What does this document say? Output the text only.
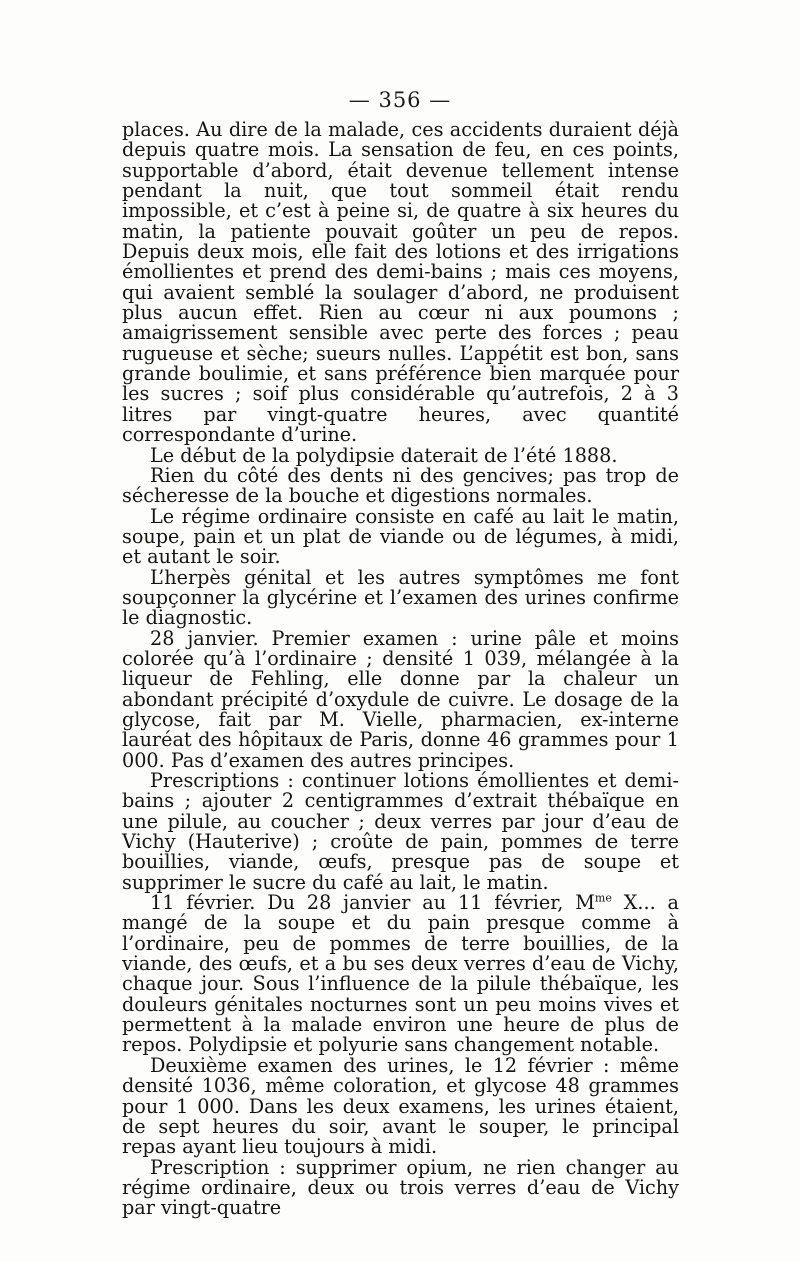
— 356 —

places. Au dire de la malade, ces accidents duraient déjà depuis quatre mois. La sensation de feu, en ces points, supportable d’abord, était devenue tellement intense pendant la nuit, que tout sommeil était rendu impossible, et c’est à peine si, de quatre à six heures du matin, la patiente pouvait goûter un peu de repos. Depuis deux mois, elle fait des lotions et des irrigations émollientes et prend des demi-bains ; mais ces moyens, qui avaient semblé la soulager d’abord, ne produisent plus aucun effet. Rien au cœur ni aux poumons ; amaigrissement sensible avec perte des forces ; peau rugueuse et sèche; sueurs nulles. L’appétit est bon, sans grande boulimie, et sans préférence bien marquée pour les sucres ; soif plus considérable qu’autrefois, 2 à 3 litres par vingt-quatre heures, avec quantité correspondante d’urine.

Le début de la polydipsie daterait de l’été 1888.

Rien du côté des dents ni des gencives; pas trop de sécheresse de la bouche et digestions normales.

Le régime ordinaire consiste en café au lait le matin, soupe, pain et un plat de viande ou de légumes, à midi, et autant le soir.

L’herpès génital et les autres symptômes me font soupçonner la glycérine et l’examen des urines confirme le diagnostic.

28 janvier. Premier examen : urine pâle et moins colorée qu’à l’ordinaire ; densité 1 039, mélangée à la liqueur de Fehling, elle donne par la chaleur un abondant précipité d’oxydule de cuivre. Le dosage de la glycose, fait par M. Vielle, pharmacien, ex-interne lauréat des hôpitaux de Paris, donne 46 grammes pour 1 000. Pas d’examen des autres principes.

Prescriptions : continuer lotions émollientes et demi-bains ; ajouter 2 centigrammes d’extrait thébaïque en une pilule, au coucher ; deux verres par jour d’eau de Vichy (Hauterive) ; croûte de pain, pommes de terre bouillies, viande, œufs, presque pas de soupe et supprimer le sucre du café au lait, le matin.

11 février. Du 28 janvier au 11 février, $M^{me}$ X... a mangé de la soupe et du pain presque comme à l’ordinaire, peu de pommes de terre bouillies, de la viande, des œufs, et a bu ses deux verres d’eau de Vichy, chaque jour. Sous l’influence de la pilule thébaïque, les douleurs génitales nocturnes sont un peu moins vives et permettent à la malade environ une heure de plus de repos. Polydipsie et polyurie sans changement notable.

Deuxième examen des urines, le 12 février : même densité 1036, même coloration, et glycose 48 grammes pour 1 000. Dans les deux examens, les urines étaient, de sept heures du soir, avant le souper, le principal repas ayant lieu toujours à midi.

Prescription : supprimer opium, ne rien changer au régime ordinaire, deux ou trois verres d’eau de Vichy par vingt-quatre
